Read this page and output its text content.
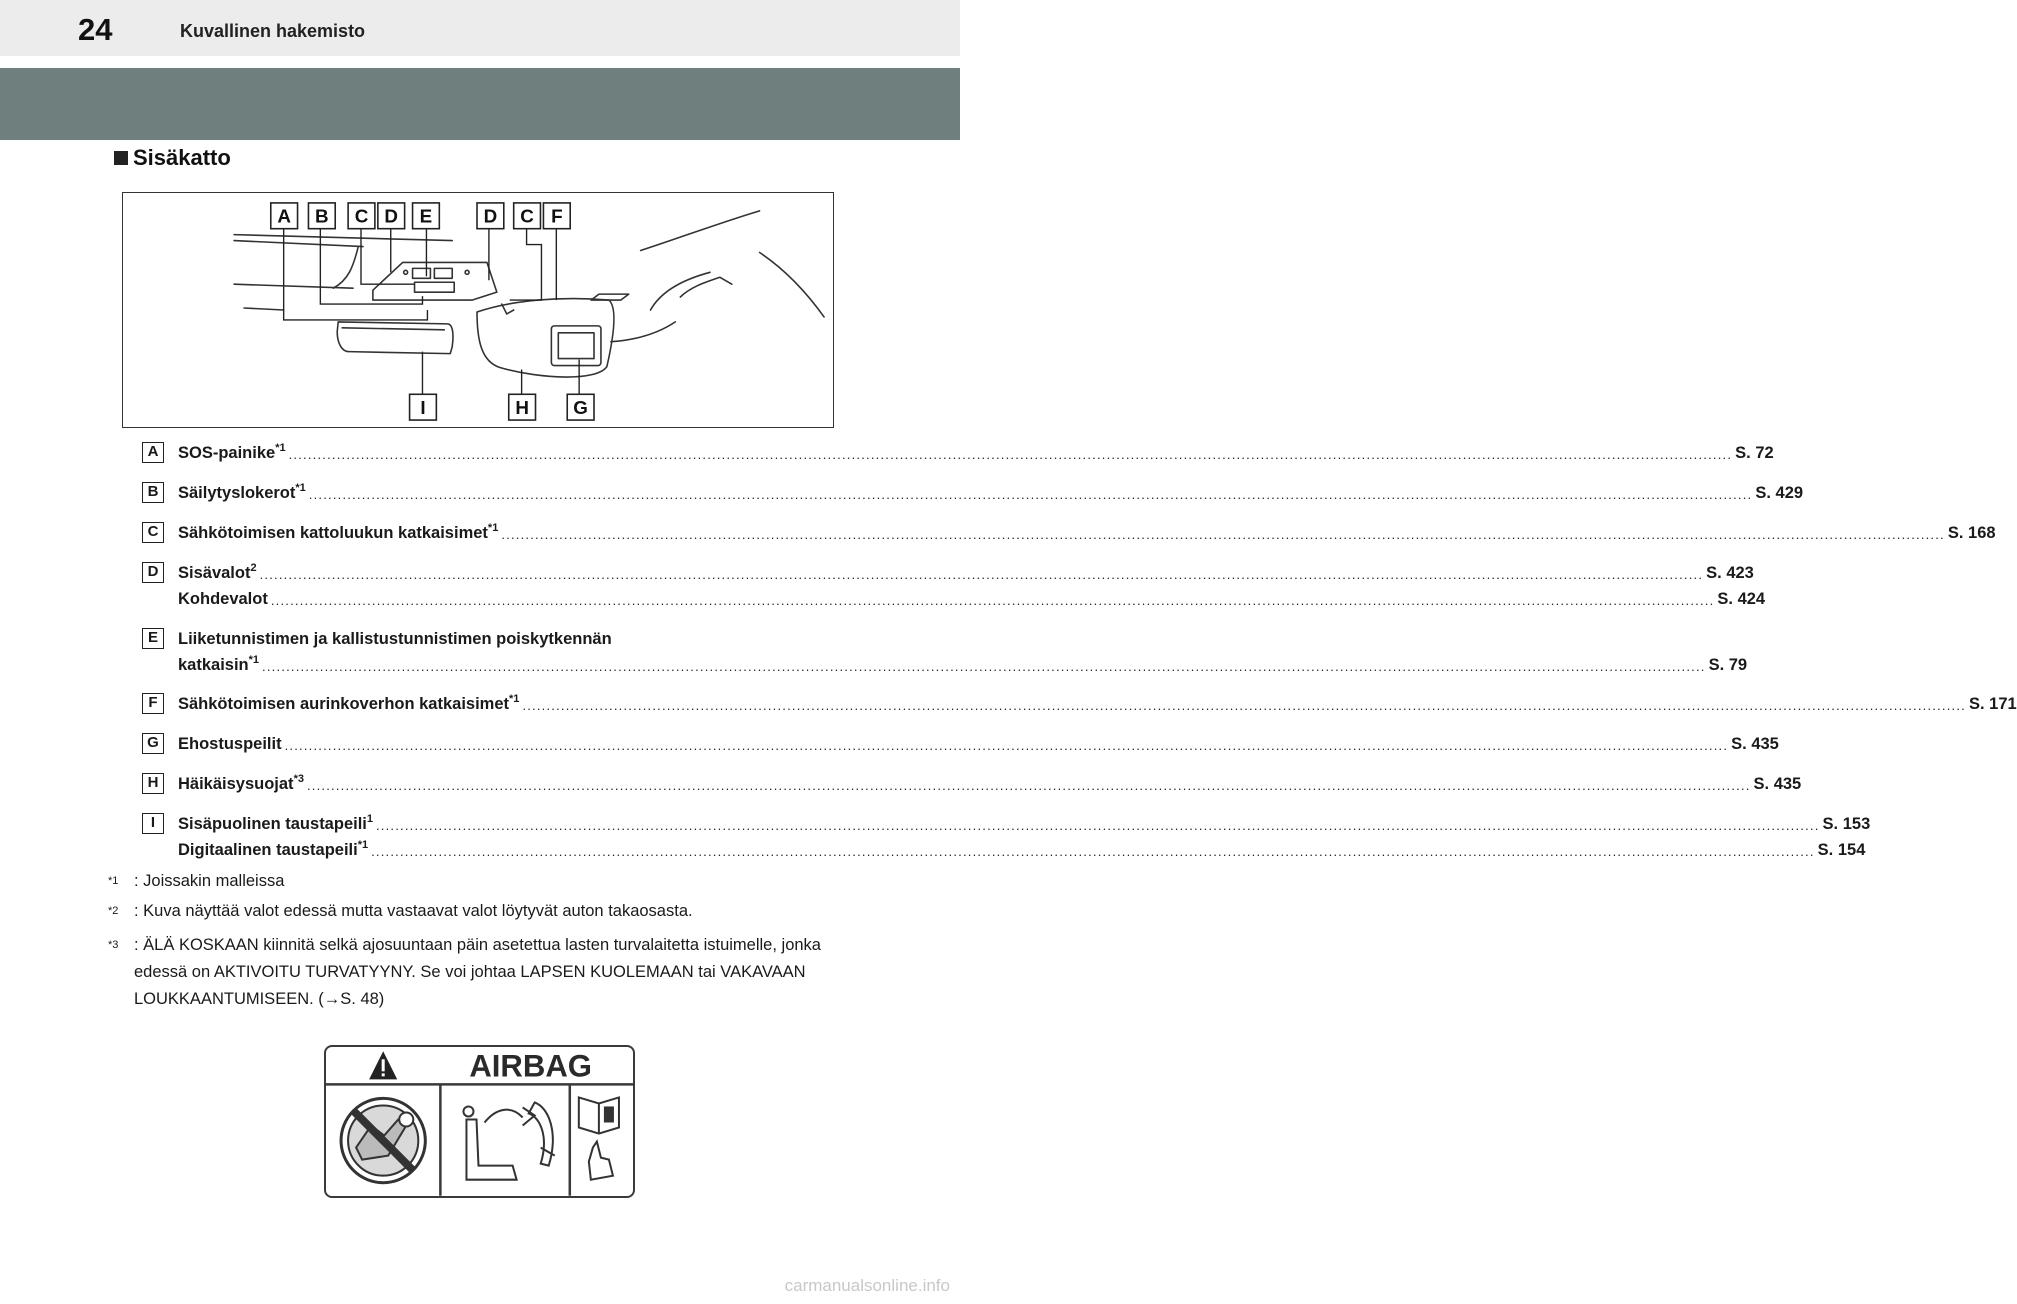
24	Kuvallinen hakemisto
Sisäkatto
A B C D E	D C F
I	H G
A	SOS-painike$^{*1}$ ............................................................................................................................................................................................................................................................................................................ S. 72
B	Säilytyslokerot$^{*1}$ ............................................................................................................................................................................................................................................................................................................ S. 429
C	Sähkötoimisen kattoluukun katkaisimet$^{*1}$ ............................................................................................................................................................................................................................................................................................................ S. 168
D	Sisävalot$^2$ ............................................................................................................................................................................................................................................................................................................ S. 423
Kohdevalot ............................................................................................................................................................................................................................................................................................................ S. 424
E	Liiketunnistimen ja kallistustunnistimen poiskytkennän
katkaisin$^{*1}$ ............................................................................................................................................................................................................................................................................................................ S. 79
F	Sähkötoimisen aurinkoverhon katkaisimet$^{*1}$ ............................................................................................................................................................................................................................................................................................................ S. 171
G	Ehostuspeilit ............................................................................................................................................................................................................................................................................................................ S. 435
H	Häikäisysuojat$^{*3}$ ............................................................................................................................................................................................................................................................................................................ S. 435
I	Sisäpuolinen taustapeili$^1$ ............................................................................................................................................................................................................................................................................................................ S. 153
Digitaalinen taustapeili$^{*1}$ ............................................................................................................................................................................................................................................................................................................ S. 154
$^{*1}$ : Joissakin malleissa
$^{*2}$ : Kuva näyttää valot edessä mutta vastaavat valot löytyvät auton takaosasta.
$^{*3}$ : ÄLÄ KOSKAAN kiinnitä selkä ajosuuntaan päin asetettua lasten turvalaitetta istuimelle, jonka edessä on AKTIVOITU TURVATYYNY. Se voi johtaa LAPSEN KUOLEMAAN tai VAKAVAAN LOUKKAANTUMISEEN. (→S. 48)
AIRBAG
carmanualsonline.info
